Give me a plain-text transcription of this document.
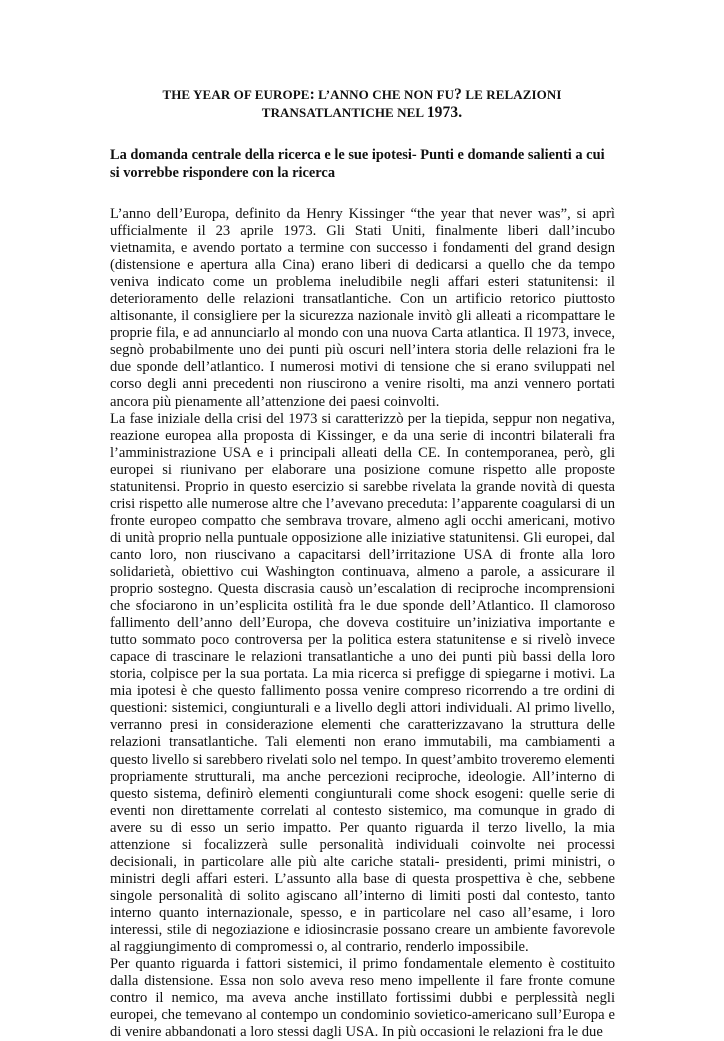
THE YEAR OF EUROPE: L’ANNO CHE NON FU? LE RELAZIONI
TRANSATLANTICHE NEL 1973.
La domanda centrale della ricerca e le sue ipotesi- Punti e domande salienti a cui si vorrebbe rispondere con la ricerca

L’anno dell’Europa, definito da Henry Kissinger “the year that never was”, si aprì ufficialmente il 23 aprile 1973. Gli Stati Uniti, finalmente liberi dall’incubo vietnamita, e avendo portato a termine con successo i fondamenti del grand design (distensione e apertura alla Cina) erano liberi di dedicarsi a quello che da tempo veniva indicato come un problema ineludibile negli affari esteri statunitensi: il deterioramento delle relazioni transatlantiche. Con un artificio retorico piuttosto altisonante, il consigliere per la sicurezza nazionale invitò gli alleati a ricompattare le proprie fila, e ad annunciarlo al mondo con una nuova Carta atlantica. Il 1973, invece, segnò probabilmente uno dei punti più oscuri nell’intera storia delle relazioni fra le due sponde dell’atlantico. I numerosi motivi di tensione che si erano sviluppati nel corso degli anni precedenti non riuscirono a venire risolti, ma anzi vennero portati ancora più pienamente all’attenzione dei paesi coinvolti.

La fase iniziale della crisi del 1973 si caratterizzò per la tiepida, seppur non negativa, reazione europea alla proposta di Kissinger, e da una serie di incontri bilaterali fra l’amministrazione USA e i principali alleati della CE. In contemporanea, però, gli europei si riunivano per elaborare una posizione comune rispetto alle proposte statunitensi. Proprio in questo esercizio si sarebbe rivelata la grande novità di questa crisi rispetto alle numerose altre che l’avevano preceduta: l’apparente coagularsi di un fronte europeo compatto che sembrava trovare, almeno agli occhi americani, motivo di unità proprio nella puntuale opposizione alle iniziative statunitensi. Gli europei, dal canto loro, non riuscivano a capacitarsi dell’irritazione USA di fronte alla loro solidarietà, obiettivo cui Washington continuava, almeno a parole, a assicurare il proprio sostegno. Questa discrasia causò un’escalation di reciproche incomprensioni che sfociarono in un’esplicita ostilità fra le due sponde dell’Atlantico. Il clamoroso fallimento dell’anno dell’Europa, che doveva costituire un’iniziativa importante e tutto sommato poco controversa per la politica estera statunitense e si rivelò invece capace di trascinare le relazioni transatlantiche a uno dei punti più bassi della loro storia, colpisce per la sua portata. La mia ricerca si prefigge di spiegarne i motivi. La mia ipotesi è che questo fallimento possa venire compreso ricorrendo a tre ordini di questioni: sistemici, congiunturali e a livello degli attori individuali. Al primo livello, verranno presi in considerazione elementi che caratterizzavano la struttura delle relazioni transatlantiche. Tali elementi non erano immutabili, ma cambiamenti a questo livello si sarebbero rivelati solo nel tempo. In quest’ambito troveremo elementi propriamente strutturali, ma anche percezioni reciproche, ideologie. All’interno di questo sistema, definirò elementi congiunturali come shock esogeni: quelle serie di eventi non direttamente correlati al contesto sistemico, ma comunque in grado di avere su di esso un serio impatto. Per quanto riguarda il terzo livello, la mia attenzione si focalizzerà sulle personalità individuali coinvolte nei processi decisionali, in particolare alle più alte cariche statali- presidenti, primi ministri, o ministri degli affari esteri. L’assunto alla base di questa prospettiva è che, sebbene singole personalità di solito agiscano all’interno di limiti posti dal contesto, tanto interno quanto internazionale, spesso, e in particolare nel caso all’esame, i loro interessi, stile di negoziazione e idiosincrasie possano creare un ambiente favorevole al raggiungimento di compromessi o, al contrario, renderlo impossibile.

Per quanto riguarda i fattori sistemici, il primo fondamentale elemento è costituito dalla distensione. Essa non solo aveva reso meno impellente il fare fronte comune contro il nemico, ma aveva anche instillato fortissimi dubbi e perplessità negli europei, che temevano al contempo un condominio sovietico-americano sull’Europa e di venire abbandonati a loro stessi dagli USA. In più occasioni le relazioni fra le due
